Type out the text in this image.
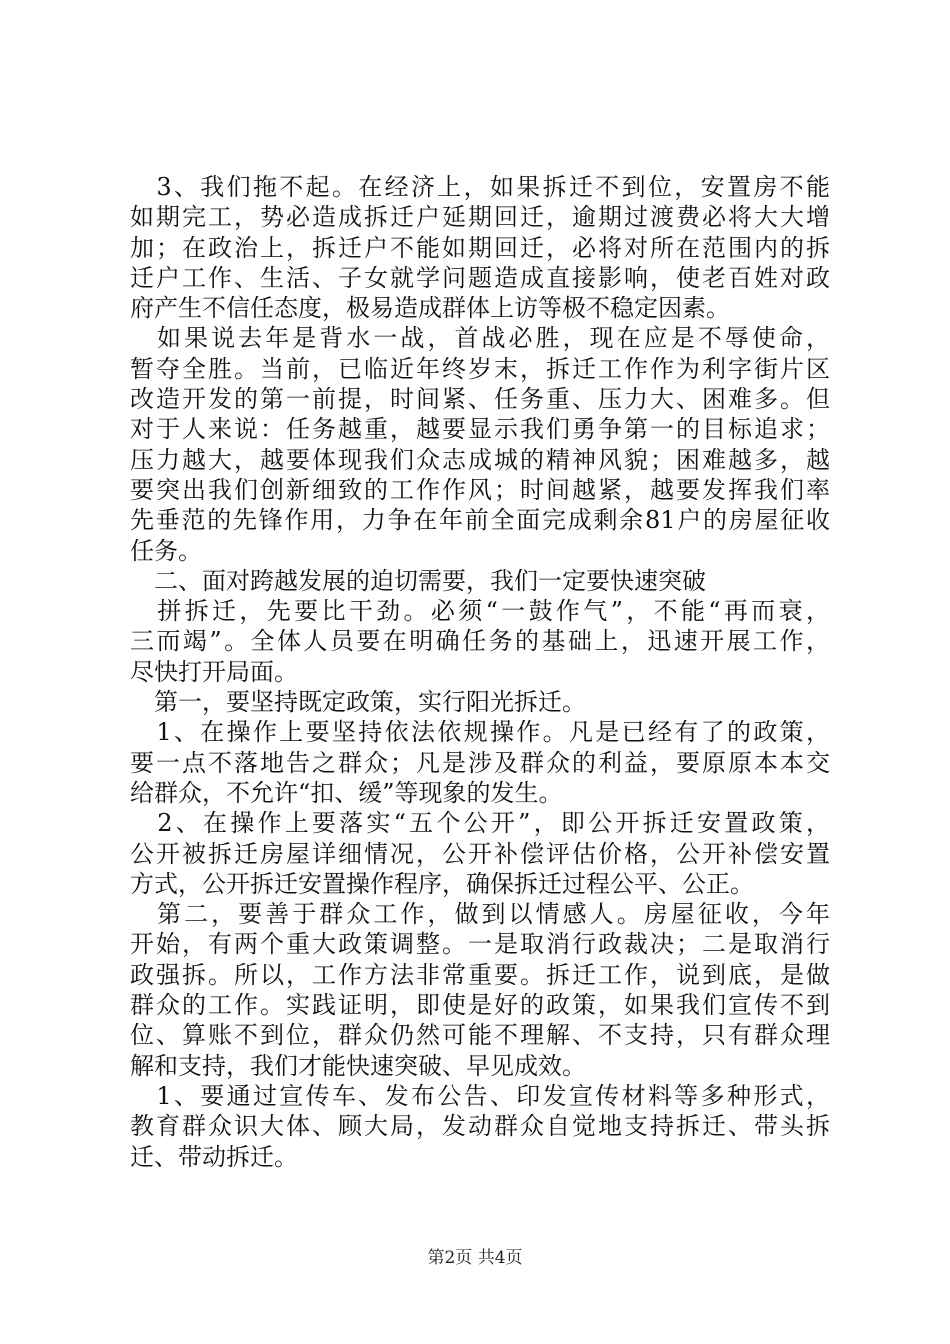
　3、我们拖不起。在经济上，如果拆迁不到位，安置房不能
如期完工，势必造成拆迁户延期回迁，逾期过渡费必将大大增
加；在政治上，拆迁户不能如期回迁，必将对所在范围内的拆
迁户工作、生活、子女就学问题造成直接影响，使老百姓对政
府产生不信任态度，极易造成群体上访等极不稳定因素。
　如果说去年是背水一战，首战必胜，现在应是不辱使命，
暂夺全胜。当前，已临近年终岁末，拆迁工作作为利字街片区
改造开发的第一前提，时间紧、任务重、压力大、困难多。但
对于人来说：任务越重，越要显示我们勇争第一的目标追求；
压力越大，越要体现我们众志成城的精神风貌；困难越多，越
要突出我们创新细致的工作作风；时间越紧，越要发挥我们率
先垂范的先锋作用，力争在年前全面完成剩余81户的房屋征收
任务。
　二、面对跨越发展的迫切需要，我们一定要快速突破
　拼拆迁，先要比干劲。必须“一鼓作气”，不能“再而衰，
三而竭”。全体人员要在明确任务的基础上，迅速开展工作，
尽快打开局面。
　第一，要坚持既定政策，实行阳光拆迁。
　1、在操作上要坚持依法依规操作。凡是已经有了的政策，
要一点不落地告之群众；凡是涉及群众的利益，要原原本本交
给群众，不允许“扣、缓”等现象的发生。
　2、在操作上要落实“五个公开”，即公开拆迁安置政策，
公开被拆迁房屋详细情况，公开补偿评估价格，公开补偿安置
方式，公开拆迁安置操作程序，确保拆迁过程公平、公正。
　第二，要善于群众工作，做到以情感人。房屋征收，今年
开始，有两个重大政策调整。一是取消行政裁决；二是取消行
政强拆。所以，工作方法非常重要。拆迁工作，说到底，是做
群众的工作。实践证明，即使是好的政策，如果我们宣传不到
位、算账不到位，群众仍然可能不理解、不支持，只有群众理
解和支持，我们才能快速突破、早见成效。
　1、要通过宣传车、发布公告、印发宣传材料等多种形式，
教育群众识大体、顾大局，发动群众自觉地支持拆迁、带头拆
迁、带动拆迁。
第2页 共4页
